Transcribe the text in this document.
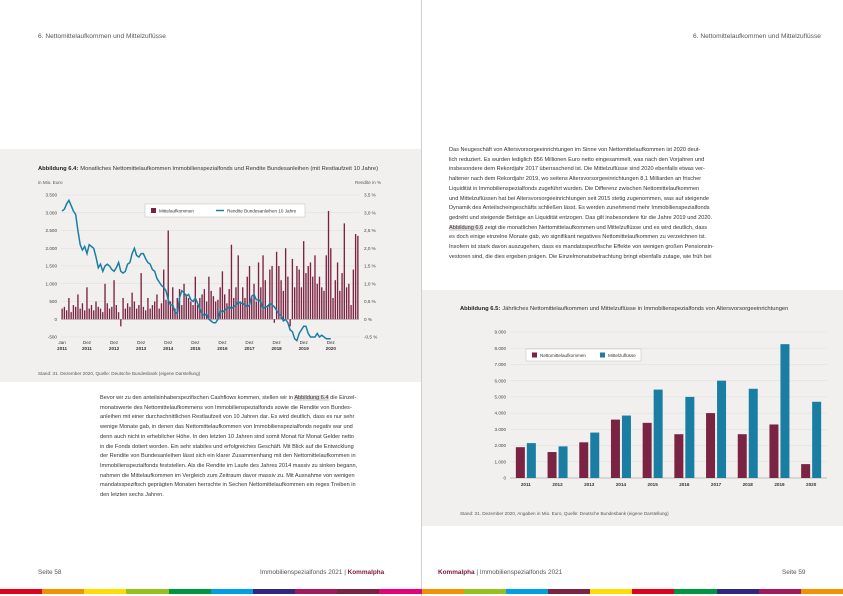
6. Nettomittelaufkommen und Mittelzuflüsse
Abbildung 6.4: Monatliches Nettomittelaufkommen Immobilienspezialfonds und Rendite Bundesanleihen (mit Restlaufzeit 10 Jahre)
in Mio. Euro	Rendite in %
-500	-0,5 %
0	0 %
500	0,5 %
1.000	1,0 %
1.500	1,5 %
2.000	2,0 %
2.500	2,5 %
3.000	3,0 %
3.500	3,5 %
Jan
2011
Dez
2011
Dez
2012
Dez
2013
Dez
2014
Dez
2015
Dez
2016
Dez
2017
Dez
2018
Dez
2019
Dez
2020
Mittelaufkommen	Rendite Bundesanleihen 10 Jahre
Stand: 31. Dezember 2020, Quelle: Deutsche Bundesbank (eigene Darstellung)
Bevor wir zu den anteilsinhaberspezifischen Cashflows kommen, stellen wir in Abbildung 6.4 die Einzel-
monatswerte des Nettomittelaufkommens von Immobilienspezialfonds sowie die Rendite von Bundes-
anleihen mit einer durchschnittlichen Restlaufzeit von 10 Jahren dar. Es wird deutlich, dass es nur sehr
wenige Monate gab, in denen das Nettomittelaufkommen von Immobilienspezialfonds negativ war und
denn auch nicht in erheblicher Höhe. In den letzten 10 Jahren sind somit Monat für Monat Gelder netto
in die Fonds dotiert worden. Ein sehr stabiles und erfolgreiches Geschäft. Mit Blick auf die Entwicklung
der Rendite von Bundesanleihen lässt sich ein klarer Zusammenhang mit den Nettomittelaufkommen in
Immobilienspezialfonds feststellen. Als die Rendite im Laufe des Jahres 2014 massiv zu sinken begann,
nahmen die Mittelaufkommen im Vergleich zum Zeitraum davor massiv zu. Mit Ausnahme von wenigen
mandatsspezifisch geprägten Monaten herrschte in Sechen Nettomittelaufkommen ein reges Treiben in
den letzten sechs Jahren.
Seite 58	Immobilienspezialfonds 2021 | Kommalpha
6. Nettomittelaufkommen und Mittelzuflüsse
Das Neugeschäft von Altersvorsorgeeinrichtungen im Sinne von Nettomittelaufkommen ist 2020 deut-
lich reduziert. Es wurden lediglich 856 Millionen Euro netto eingesammelt, was nach den Vorjahren und
insbesondere dem Rekordjahr 2017 überraschend ist. Die Mittelzuflüsse sind 2020 ebenfalls etwas ver-
haltener nach dem Rekordjahr 2019, wo seitens Altersvorsorgeeinrichtungen 8,1 Milliarden an frischer
Liquidität in Immobilienspezialfonds zugeführt wurden. Die Differenz zwischen Nettomittelaufkommen
und Mittelzuflüssen hat bei Altersvorsorgeeinrichtungen seit 2015 stetig zugenommen, was auf steigende
Dynamik des Anteilscheingeschäfts schließen lässt. Es werden zunehmend mehr Immobilienspezialfonds
gedreht und steigende Beträge an Liquidität entzogen. Das gilt insbesondere für die Jahre 2019 und 2020.
Abbildung 6.6 zeigt die monatlichen Nettomittelaufkommen und Mittelzuflüsse und es wird deutlich, dass
es doch einige einzelne Monate gab, wo signifikant negatives Nettomittelaufkommen zu verzeichnen ist.
Insofern ist stark davon auszugehen, dass es mandatsspezifische Effekte von wenigen großen Pensionsin-
vestoren sind, die dies ergeben prägen. Die Einzelmonatsbetrachtung bringt ebenfalls zutage, wie früh bei
Abbildung 6.5: Jährliches Nettomittelaufkommen und Mittelzuflüsse in Immobilienspezialfonds von Altersvorsorgeeinrichtungen
0
1.000
2.000
3.000
4.000
5.000
6.000
7.000
8.000
9.000
2011	2012	2013	2014	2015	2016	2017	2018	2019	2020
Nettomittelaufkommen	Mittelzuflüsse
Stand: 31. Dezember 2020, Angaben in Mio. Euro, Quelle: Deutsche Bundesbank (eigene Darstellung)
Kommalpha | Immobilienspezialfonds 2021	Seite 59
